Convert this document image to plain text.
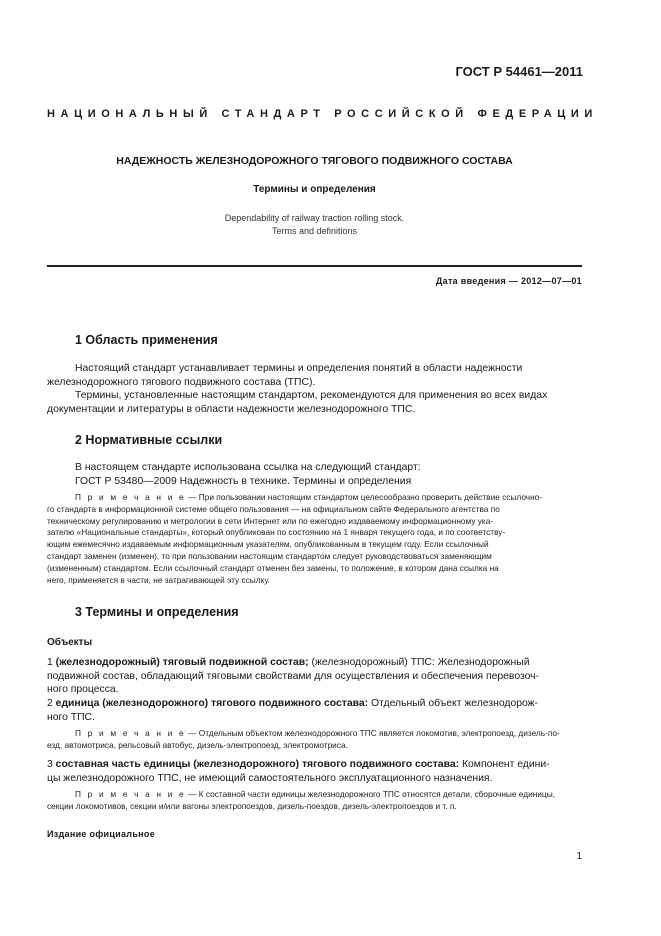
ГОСТ Р 54461—2011
НАЦИОНАЛЬНЫЙ СТАНДАРТ РОССИЙСКОЙ ФЕДЕРАЦИИ
НАДЕЖНОСТЬ ЖЕЛЕЗНОДОРОЖНОГО ТЯГОВОГО ПОДВИЖНОГО СОСТАВА
Термины и определения
Dependability of railway traction rolling stock.
Terms and definitions
Дата введения — 2012—07—01
1 Область применения
Настоящий стандарт устанавливает термины и определения понятий в области надежности
железнодорожного тягового подвижного состава (ТПС).
Термины, установленные настоящим стандартом, рекомендуются для применения во всех видах
документации и литературы в области надежности железнодорожного ТПС.
2 Нормативные ссылки
В настоящем стандарте использована ссылка на следующий стандарт:
ГОСТ Р 53480—2009 Надежность в технике. Термины и определения
П р и м е ч а н и е — При пользовании настоящим стандартом целесообразно проверить действие ссылочно-
го стандарта в информационной системе общего пользования — на официальном сайте Федерального агентства по
техническому регулированию и метрологии в сети Интернет или по ежегодно издаваемому информационному ука-
зателю «Национальные стандарты», который опубликован по состоянию на 1 января текущего года, и по соответству-
ющим ежемесячно издаваемым информационным указателям, опубликованным в текущем году. Если ссылочный
стандарт заменен (изменен), то при пользовании настоящим стандартом следует руководствоваться заменяющим
(измененным) стандартом. Если ссылочный стандарт отменен без замены, то положение, в котором дана ссылка на
него, применяется в части, не затрагивающей эту ссылку.
3 Термины и определения
Объекты
1 (железнодорожный) тяговый подвижной состав; (железнодорожный) ТПС: Железнодорожный
подвижной состав, обладающий тяговыми свойствами для осуществления и обеспечения перевозоч-
ного процесса.
2 единица (железнодорожного) тягового подвижного состава: Отдельный объект железнодорож-
ного ТПС.
П р и м е ч а н и е — Отдельным объектом железнодорожного ТПС является локомотив, электропоезд, дизель-по-
езд, автомотриса, рельсовый автобус, дизель-электропоезд, электромотриса.
3 составная часть единицы (железнодорожного) тягового подвижного состава: Компонент едини-
цы железнодорожного ТПС, не имеющий самостоятельного эксплуатационного назначения.
П р и м е ч а н и е — К составной части единицы железнодорожного ТПС относятся детали, сборочные единицы,
секции локомотивов, секции и/или вагоны электропоездов, дизель-поездов, дизель-электропоездов и т. п.
Издание официальное
1
